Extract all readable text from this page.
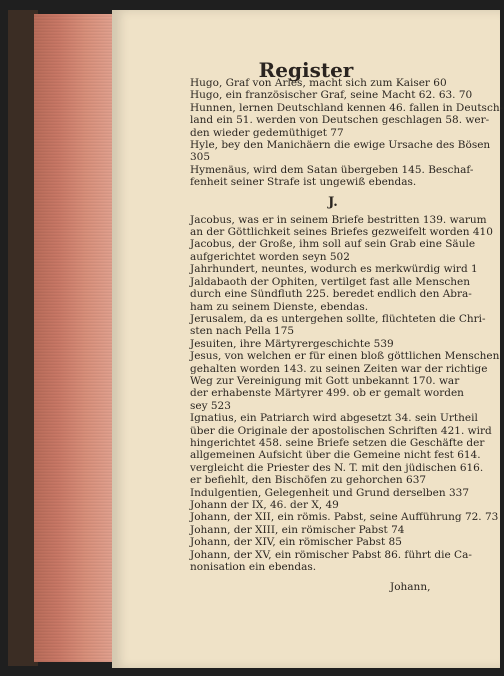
Register
Hugo, Graf von Arles, macht sich zum Kaiser 60
Hugo, ein französischer Graf, seine Macht 62. 63. 70
Hunnen, lernen Deutschland kennen 46. fallen in Deutsch-
land ein 51. werden von Deutschen geschlagen 58. wer-
den wieder gedemüthiget 77
Hyle, bey den Manichäern die ewige Ursache des Bösen
305
Hymenäus, wird dem Satan übergeben 145. Beschaf-
fenheit seiner Strafe ist ungewiß ebendas.
J.
Jacobus, was er in seinem Briefe bestritten 139. warum
an der Göttlichkeit seines Briefes gezweifelt worden 410
Jacobus, der Große, ihm soll auf sein Grab eine Säule
aufgerichtet worden seyn 502
Jahrhundert, neuntes, wodurch es merkwürdig wird 1
Jaldabaoth der Ophiten, vertilget fast alle Menschen
durch eine Sündfluth 225. beredet endlich den Abra-
ham zu seinem Dienste, ebendas.
Jerusalem, da es untergehen sollte, flüchteten die Chri-
sten nach Pella 175
Jesuiten, ihre Märtyrergeschichte 539
Jesus, von welchen er für einen bloß göttlichen Menschen
gehalten worden 143. zu seinen Zeiten war der richtige
Weg zur Vereinigung mit Gott unbekannt 170. war
der erhabenste Märtyrer 499. ob er gemalt worden
sey 523
Ignatius, ein Patriarch wird abgesetzt 34. sein Urtheil
über die Originale der apostolischen Schriften 421. wird
hingerichtet 458. seine Briefe setzen die Geschäfte der
allgemeinen Aufsicht über die Gemeine nicht fest 614.
vergleicht die Priester des N. T. mit den jüdischen 616.
er befiehlt, den Bischöfen zu gehorchen 637
Indulgentien, Gelegenheit und Grund derselben 337
Johann der IX, 46. der X, 49
Johann, der XII, ein römis. Pabst, seine Aufführung 72. 73
Johann, der XIII, ein römischer Pabst 74
Johann, der XIV, ein römischer Pabst 85
Johann, der XV, ein römischer Pabst 86. führt die Ca-
nonisation ein ebendas.
Johann,
